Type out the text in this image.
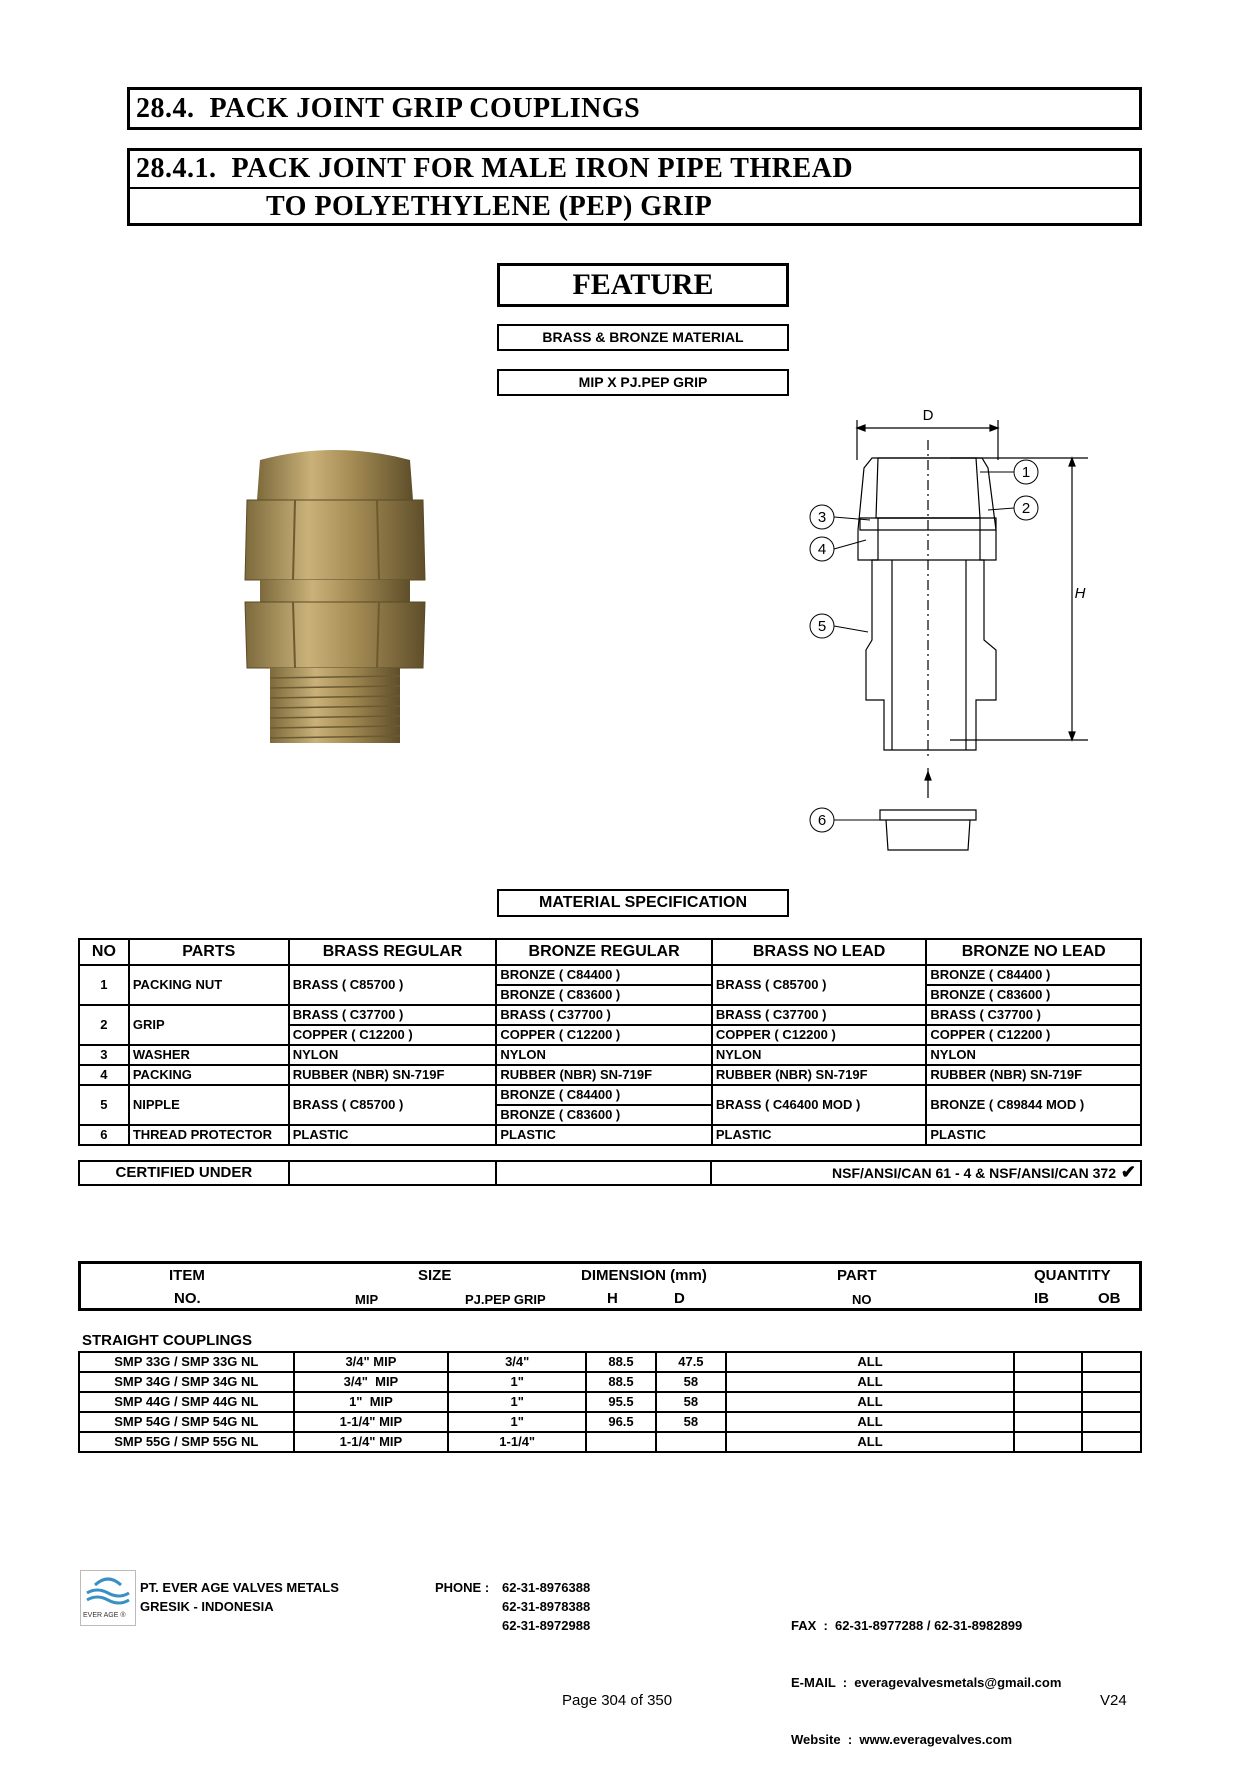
28.4.  PACK JOINT GRIP COUPLINGS
28.4.1.  PACK JOINT FOR MALE IRON PIPE THREAD
TO POLYETHYLENE (PEP) GRIP
FEATURE
BRASS & BRONZE MATERIAL
MIP X PJ.PEP GRIP
D
H
1
2
3
4
5
6
MATERIAL SPECIFICATION
NO	PARTS	BRASS REGULAR	BRONZE REGULAR	BRASS NO LEAD	BRONZE NO LEAD
1	PACKING NUT	BRASS ( C85700 )	BRONZE ( C84400 )	BRASS ( C85700 )	BRONZE ( C84400 )
			BRONZE ( C83600 )		BRONZE ( C83600 )
2	GRIP	BRASS ( C37700 )	BRASS ( C37700 )	BRASS ( C37700 )	BRASS ( C37700 )
		COPPER ( C12200 )	COPPER ( C12200 )	COPPER ( C12200 )	COPPER ( C12200 )
3	WASHER	NYLON	NYLON	NYLON	NYLON
4	PACKING	RUBBER (NBR) SN-719F	RUBBER (NBR) SN-719F	RUBBER (NBR) SN-719F	RUBBER (NBR) SN-719F
5	NIPPLE	BRASS ( C85700 )	BRONZE ( C84400 )	BRASS ( C46400 MOD )	BRONZE ( C89844 MOD )
			BRONZE ( C83600 )		
6	THREAD PROTECTOR	PLASTIC	PLASTIC	PLASTIC	PLASTIC
CERTIFIED UNDER			NSF/ANSI/CAN 61 - 4 & NSF/ANSI/CAN 372 ✔
ITEM	SIZE	DIMENSION (mm)	PART	QUANTITY
NO.	MIP	PJ.PEP GRIP	H	D	NO	IB	OB
STRAIGHT COUPLINGS
SMP 33G / SMP 33G NL	3/4" MIP	3/4"	88.5	47.5	ALL		
SMP 34G / SMP 34G NL	3/4"  MIP	1"	88.5	58	ALL		
SMP 44G / SMP 44G NL	1"  MIP	1"	95.5	58	ALL		
SMP 54G / SMP 54G NL	1-1/4" MIP	1"	96.5	58	ALL		
SMP 55G / SMP 55G NL	1-1/4" MIP	1-1/4"			ALL		
EVER AGE ®
PT. EVER AGE VALVES METALS
GRESIK - INDONESIA
PHONE : 62-31-8976388
62-31-8978388
62-31-8972988

	FAX  :  62-31-8977288 / 62-31-8982899

E-MAIL  :  everagevalvesmetals@gmail.com

Website  :  www.everagevalves.com

Page 304 of 350	V24
